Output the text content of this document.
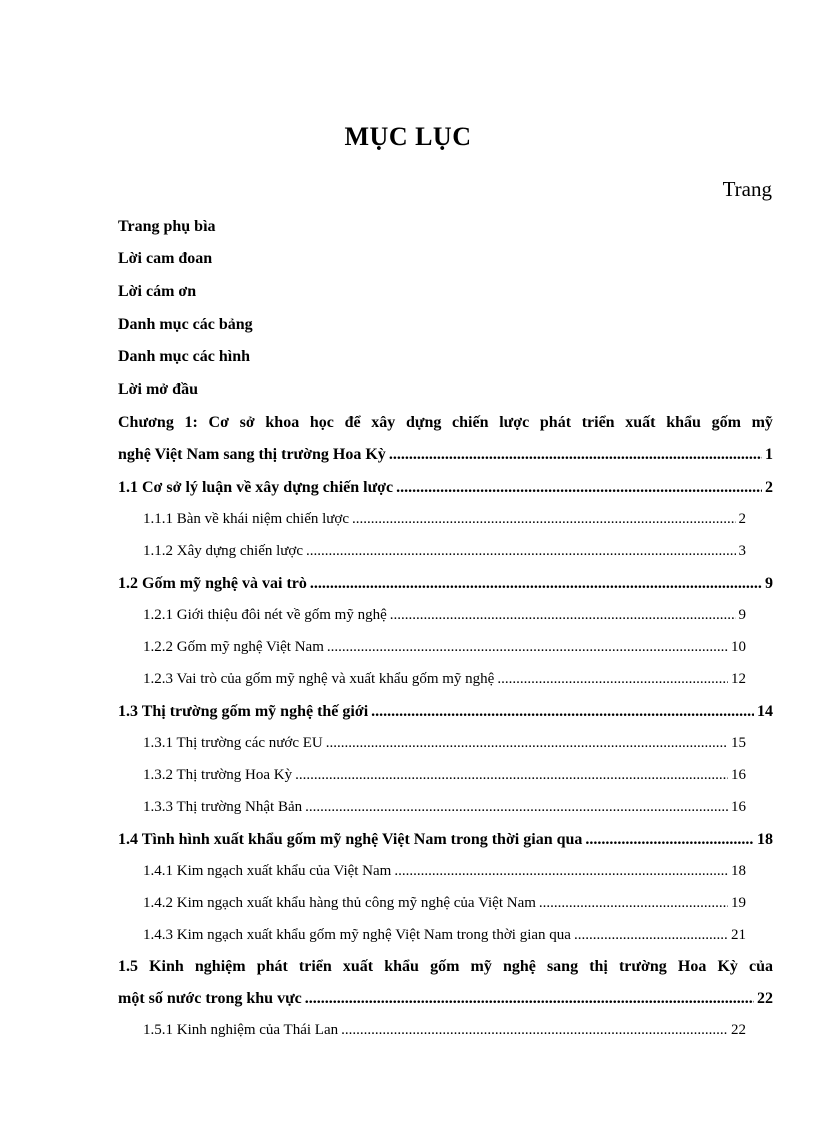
MỤC LỤC
Trang
Trang phụ bìa
Lời cam đoan
Lời cám ơn
Danh mục các bảng
Danh mục các hình
Lời mở đầu
Chương 1: Cơ sở khoa học để xây dựng chiến lược phát triển xuất khẩu gốm mỹ
nghệ Việt Nam sang thị trường Hoa Kỳ .....	1
1.1 Cơ sở lý luận về xây dựng chiến lược .....	2
1.1.1 Bàn về khái niệm chiến lược .....	2
1.1.2 Xây dựng chiến lược .....	3
1.2 Gốm mỹ nghệ và vai trò .....	9
1.2.1 Giới thiệu đôi nét về gốm mỹ nghệ .....	9
1.2.2 Gốm mỹ nghệ Việt Nam .....	10
1.2.3 Vai trò của gốm mỹ nghệ và xuất khẩu gốm mỹ nghệ .....	12
1.3 Thị trường gốm mỹ nghệ thế giới .....	14
1.3.1 Thị trường các nước EU .....	15
1.3.2 Thị trường Hoa Kỳ .....	16
1.3.3 Thị trường Nhật Bản .....	16
1.4 Tình hình xuất khẩu gốm mỹ nghệ Việt Nam trong thời gian qua .....	18
1.4.1 Kim ngạch xuất khẩu của Việt Nam .....	18
1.4.2 Kim ngạch xuất khẩu hàng thủ công mỹ nghệ của Việt Nam .....	19
1.4.3 Kim ngạch xuất khẩu gốm mỹ nghệ Việt Nam trong thời gian qua .....	21
1.5 Kinh nghiệm phát triển xuất khẩu gốm mỹ nghệ sang thị trường Hoa Kỳ của
một số nước trong khu vực .....	22
1.5.1 Kinh nghiệm của Thái Lan .....	22
